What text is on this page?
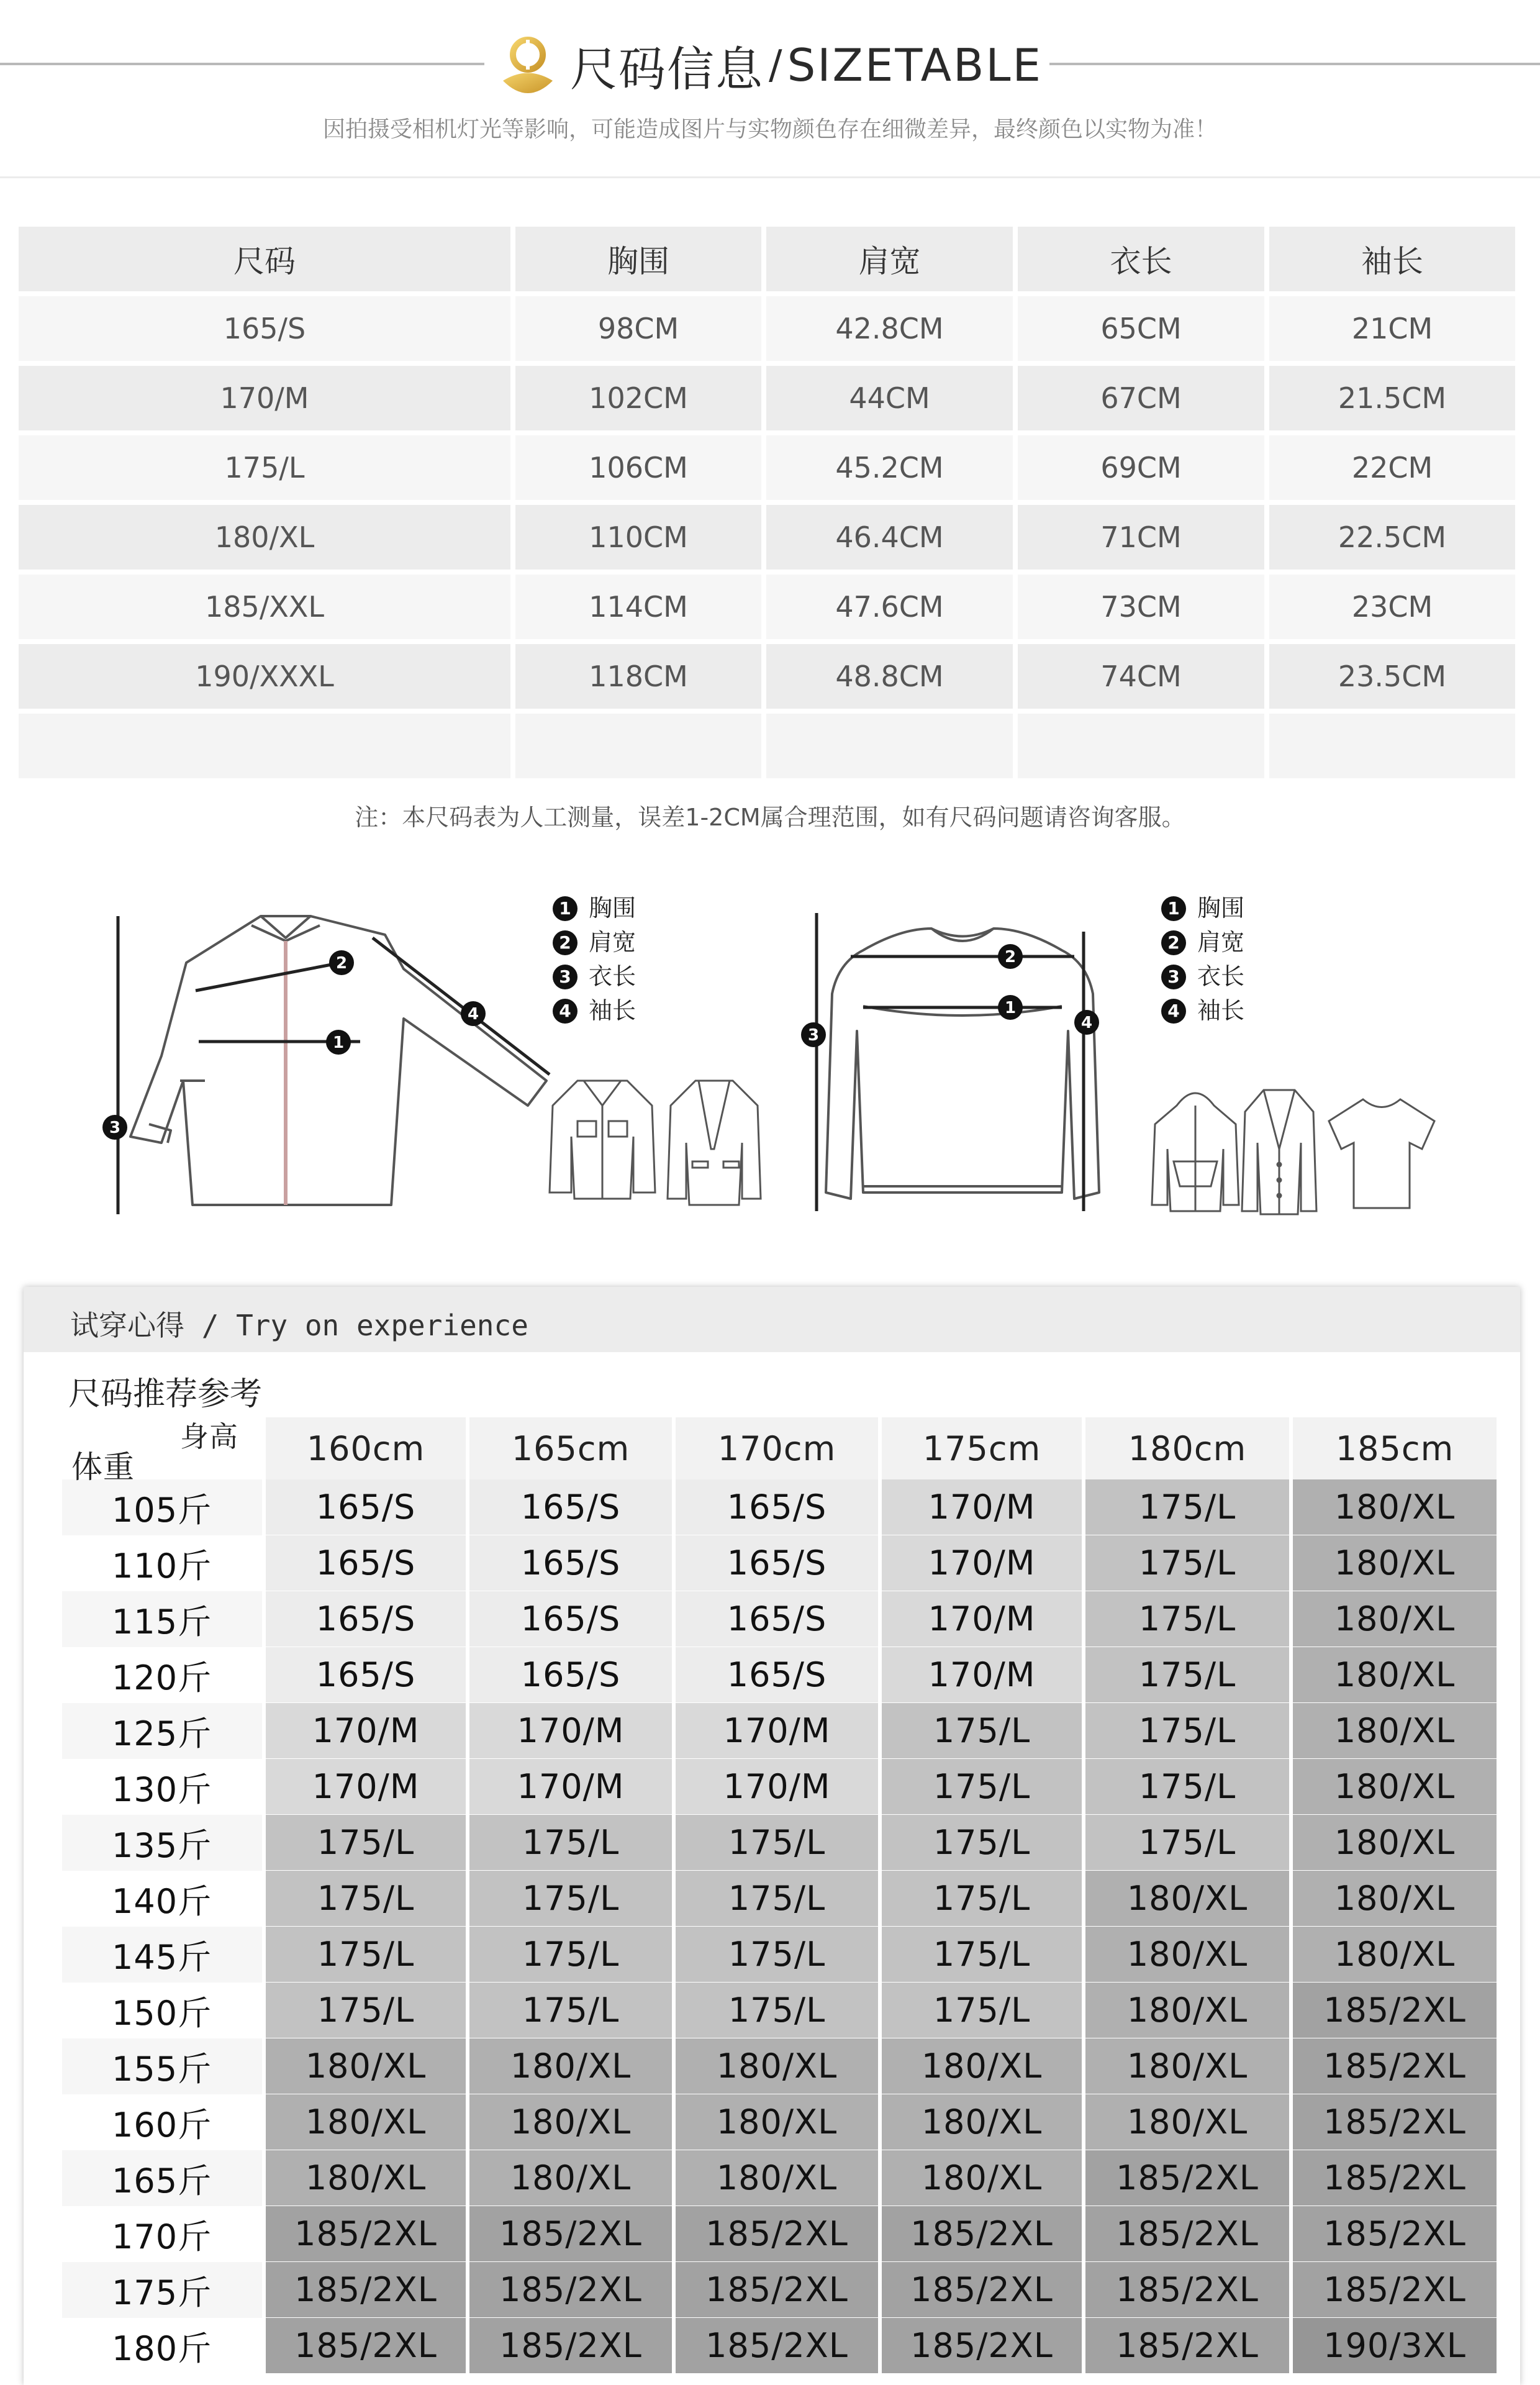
尺码信息 / SIZETABLE
因拍摄受相机灯光等影响，可能造成图片与实物颜色存在细微差异，最终颜色以实物为准！
尺码	胸围	肩宽	衣长	袖长
165/S	98CM	42.8CM	65CM	21CM
170/M	102CM	44CM	67CM	21.5CM
175/L	106CM	45.2CM	69CM	22CM
180/XL	110CM	46.4CM	71CM	22.5CM
185/XXL	114CM	47.6CM	73CM	23CM
190/XXXL	118CM	48.8CM	74CM	23.5CM
注：本尺码表为人工测量，误差1-2CM属合理范围，如有尺码问题请咨询客服。
2
1
4
3
1 胸围
2 肩宽
3 衣长
4 袖长
2
1
3
4
1 胸围
2 肩宽
3 衣长
4 袖长
试穿心得 / Try on experience
尺码推荐参考
身高
体重	160cm	165cm	170cm	175cm	180cm	185cm
105斤	165/S	165/S	165/S	170/M	175/L	180/XL
110斤	165/S	165/S	165/S	170/M	175/L	180/XL
115斤	165/S	165/S	165/S	170/M	175/L	180/XL
120斤	165/S	165/S	165/S	170/M	175/L	180/XL
125斤	170/M	170/M	170/M	175/L	175/L	180/XL
130斤	170/M	170/M	170/M	175/L	175/L	180/XL
135斤	175/L	175/L	175/L	175/L	175/L	180/XL
140斤	175/L	175/L	175/L	175/L	180/XL	180/XL
145斤	175/L	175/L	175/L	175/L	180/XL	180/XL
150斤	175/L	175/L	175/L	175/L	180/XL	185/2XL
155斤	180/XL	180/XL	180/XL	180/XL	180/XL	185/2XL
160斤	180/XL	180/XL	180/XL	180/XL	180/XL	185/2XL
165斤	180/XL	180/XL	180/XL	180/XL	185/2XL	185/2XL
170斤	185/2XL	185/2XL	185/2XL	185/2XL	185/2XL	185/2XL
175斤	185/2XL	185/2XL	185/2XL	185/2XL	185/2XL	185/2XL
180斤	185/2XL	185/2XL	185/2XL	185/2XL	185/2XL	190/3XL
